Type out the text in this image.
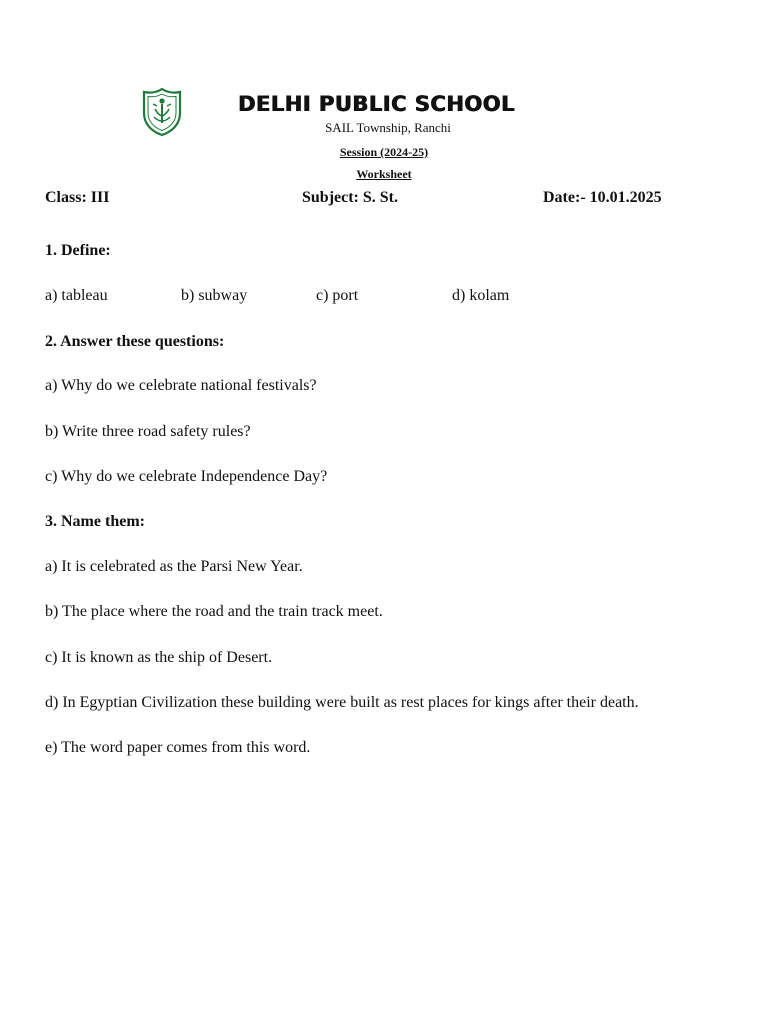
DELHI PUBLIC SCHOOL
SAIL Township, Ranchi
Session (2024-25)
Worksheet
Class: III	Subject: S. St.	Date:- 10.01.2025
1. Define:
a) tableau	b) subway	c) port	d) kolam
2. Answer these questions:
a) Why do we celebrate national festivals?
b) Write three road safety rules?
c) Why do we celebrate Independence Day?
3. Name them:
a) It is celebrated as the Parsi New Year.
b) The place where the road and the train track meet.
c) It is known as the ship of Desert.
d) In Egyptian Civilization these building were built as rest places for kings after their death.
e) The word paper comes from this word.
